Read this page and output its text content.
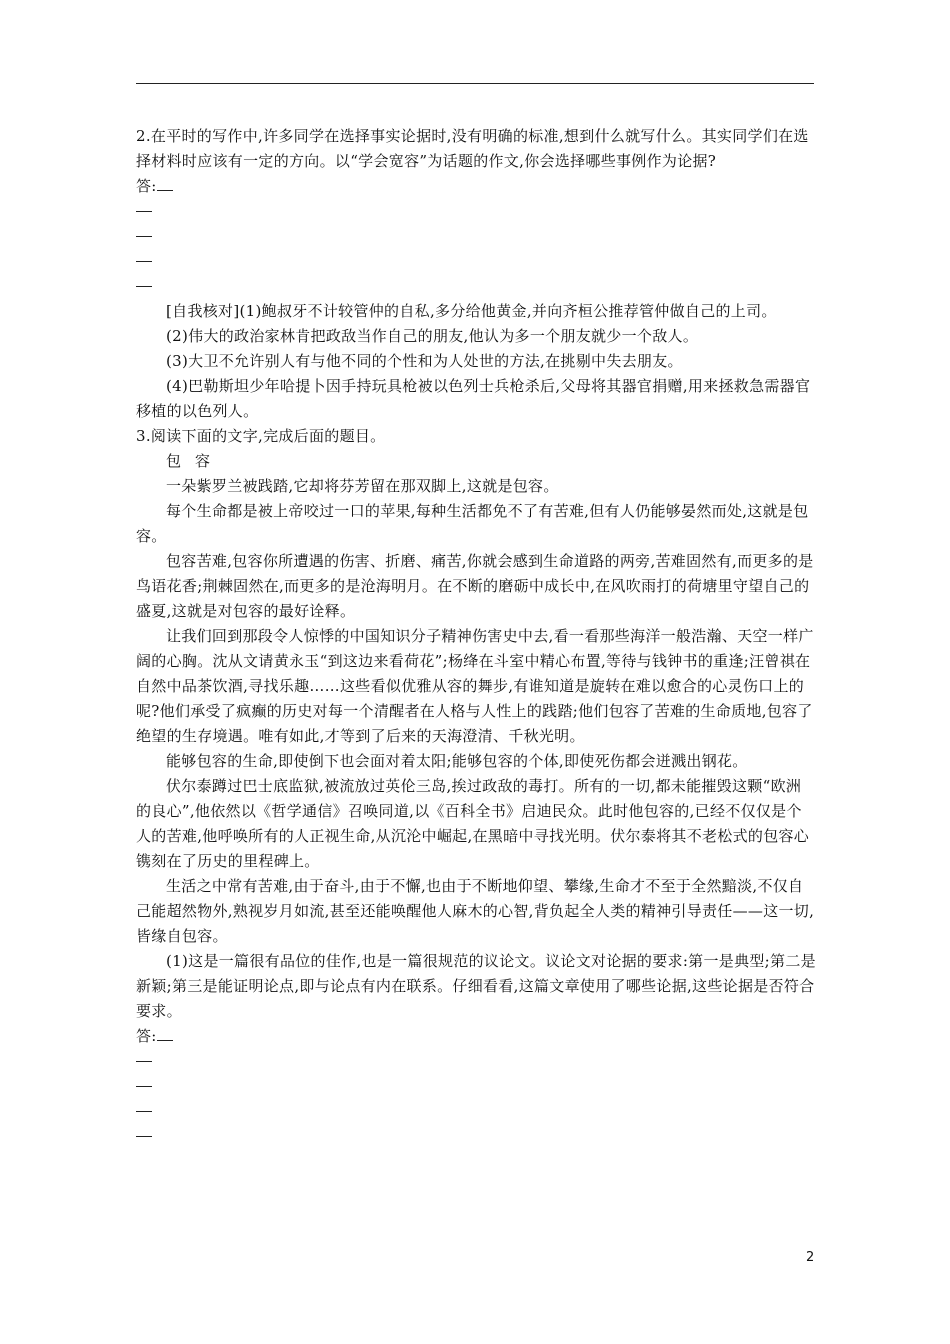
2.在平时的写作中,许多同学在选择事实论据时,没有明确的标准,想到什么就写什么。其实同学们在选择材料时应该有一定的方向。以“学会宽容”为话题的作文,你会选择哪些事例作为论据?

答:

[自我核对](1)鲍叔牙不计较管仲的自私,多分给他黄金,并向齐桓公推荐管仲做自己的上司。

(2)伟大的政治家林肯把政敌当作自己的朋友,他认为多一个朋友就少一个敌人。

(3)大卫不允许别人有与他不同的个性和为人处世的方法,在挑剔中失去朋友。

(4)巴勒斯坦少年哈提卜因手持玩具枪被以色列士兵枪杀后,父母将其器官捐赠,用来拯救急需器官移植的以色列人。

3.阅读下面的文字,完成后面的题目。

包容

一朵紫罗兰被践踏,它却将芬芳留在那双脚上,这就是包容。

每个生命都是被上帝咬过一口的苹果,每种生活都免不了有苦难,但有人仍能够晏然而处,这就是包容。

包容苦难,包容你所遭遇的伤害、折磨、痛苦,你就会感到生命道路的两旁,苦难固然有,而更多的是鸟语花香;荆棘固然在,而更多的是沧海明月。在不断的磨砺中成长中,在风吹雨打的荷塘里守望自己的盛夏,这就是对包容的最好诠释。

让我们回到那段令人惊悸的中国知识分子精神伤害史中去,看一看那些海洋一般浩瀚、天空一样广阔的心胸。沈从文请黄永玉“到这边来看荷花”;杨绛在斗室中精心布置,等待与钱钟书的重逢;汪曾祺在自然中品茶饮酒,寻找乐趣……这些看似优雅从容的舞步,有谁知道是旋转在难以愈合的心灵伤口上的呢?他们承受了疯癫的历史对每一个清醒者在人格与人性上的践踏;他们包容了苦难的生命质地,包容了绝望的生存境遇。唯有如此,才等到了后来的天海澄清、千秋光明。

能够包容的生命,即使倒下也会面对着太阳;能够包容的个体,即使死伤都会迸溅出钢花。

伏尔泰蹲过巴士底监狱,被流放过英伦三岛,挨过政敌的毒打。所有的一切,都未能摧毁这颗“欧洲的良心”,他依然以《哲学通信》召唤同道,以《百科全书》启迪民众。此时他包容的,已经不仅仅是个人的苦难,他呼唤所有的人正视生命,从沉沦中崛起,在黑暗中寻找光明。伏尔泰将其不老松式的包容心镌刻在了历史的里程碑上。

生活之中常有苦难,由于奋斗,由于不懈,也由于不断地仰望、攀缘,生命才不至于全然黯淡,不仅自己能超然物外,熟视岁月如流,甚至还能唤醒他人麻木的心智,背负起全人类的精神引导责任——这一切,皆缘自包容。

(1)这是一篇很有品位的佳作,也是一篇很规范的议论文。议论文对论据的要求:第一是典型;第二是新颖;第三是能证明论点,即与论点有内在联系。仔细看看,这篇文章使用了哪些论据,这些论据是否符合要求。

答:

2
